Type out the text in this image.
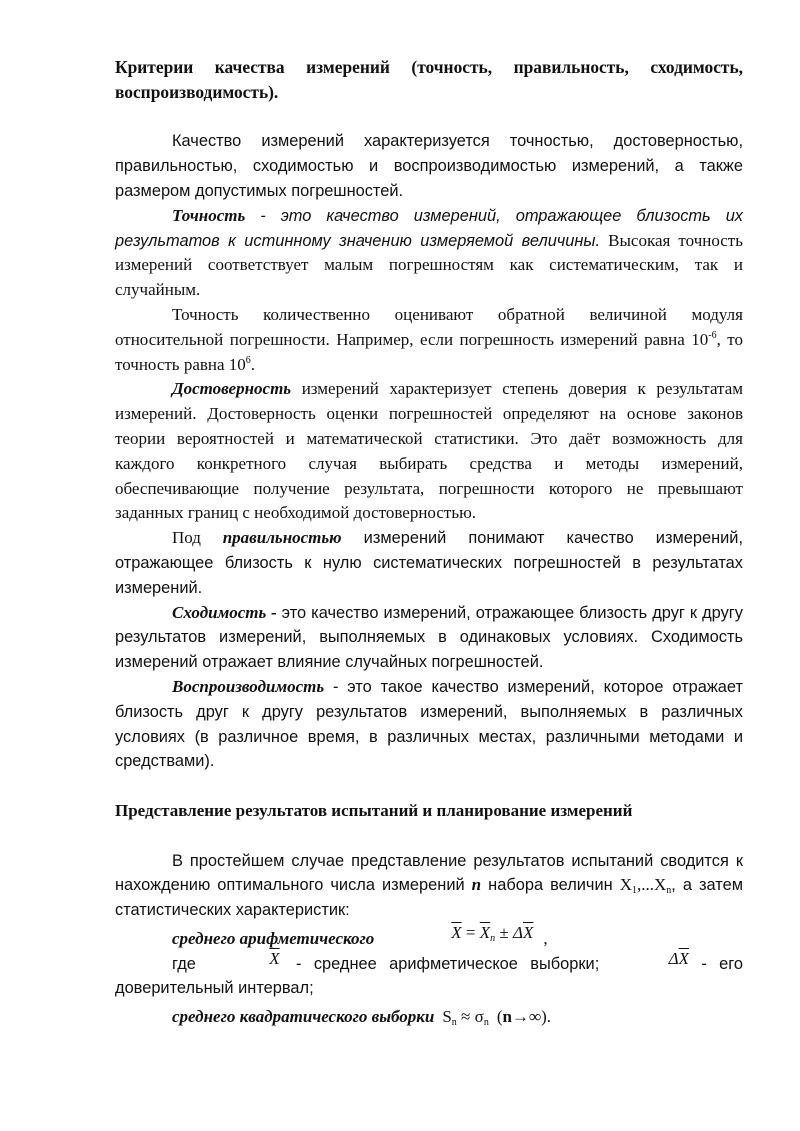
Критерии качества измерений (точность, правильность, сходимость, воспроизводимость).

Качество измерений характеризуется точностью, достоверностью, правильностью, сходимостью и воспроизводимостью измерений, а также размером допустимых погрешностей.

Точность - это качество измерений, отражающее близость их результатов к истинному значению измеряемой величины. Высокая точность измерений соответствует малым погрешностям как систематическим, так и случайным.

Точность количественно оценивают обратной величиной модуля относительной погрешности. Например, если погрешность измерений равна $10^{-6}$, то точность равна $10^6$.

Достоверность измерений характеризует степень доверия к результатам измерений. Достоверность оценки погрешностей определяют на основе законов теории вероятностей и математической статистики. Это даёт возможность для каждого конкретного случая выбирать средства и методы измерений, обеспечивающие получение результата, погрешности которого не превышают заданных границ с необходимой достоверностью.

Под правильностью измерений понимают качество измерений, отражающее близость к нулю систематических погрешностей в результатах измерений.

Сходимость - это качество измерений, отражающее близость друг к другу результатов измерений, выполняемых в одинаковых условиях. Сходимость измерений отражает влияние случайных погрешностей.

Воспроизводимость - это такое качество измерений, которое отражает близость друг к другу результатов измерений, выполняемых в различных условиях (в различное время, в различных местах, различными методами и средствами).

Представление результатов испытаний и планирование измерений

В простейшем случае представление результатов испытаний сводится к нахождению оптимального числа измерений n набора величин $X_1,...X_n$, а затем статистических характеристик:

среднего арифметического	$\overline{X} = \overline{X}_n \pm \Delta\overline{X}$ ,

где	$\overline{X}$ - среднее арифметическое выборки;	$\Delta\overline{X}$ - его доверительный интервал;

среднего квадратического выборки $S_n \approx \sigma_n$ (n→∞).
